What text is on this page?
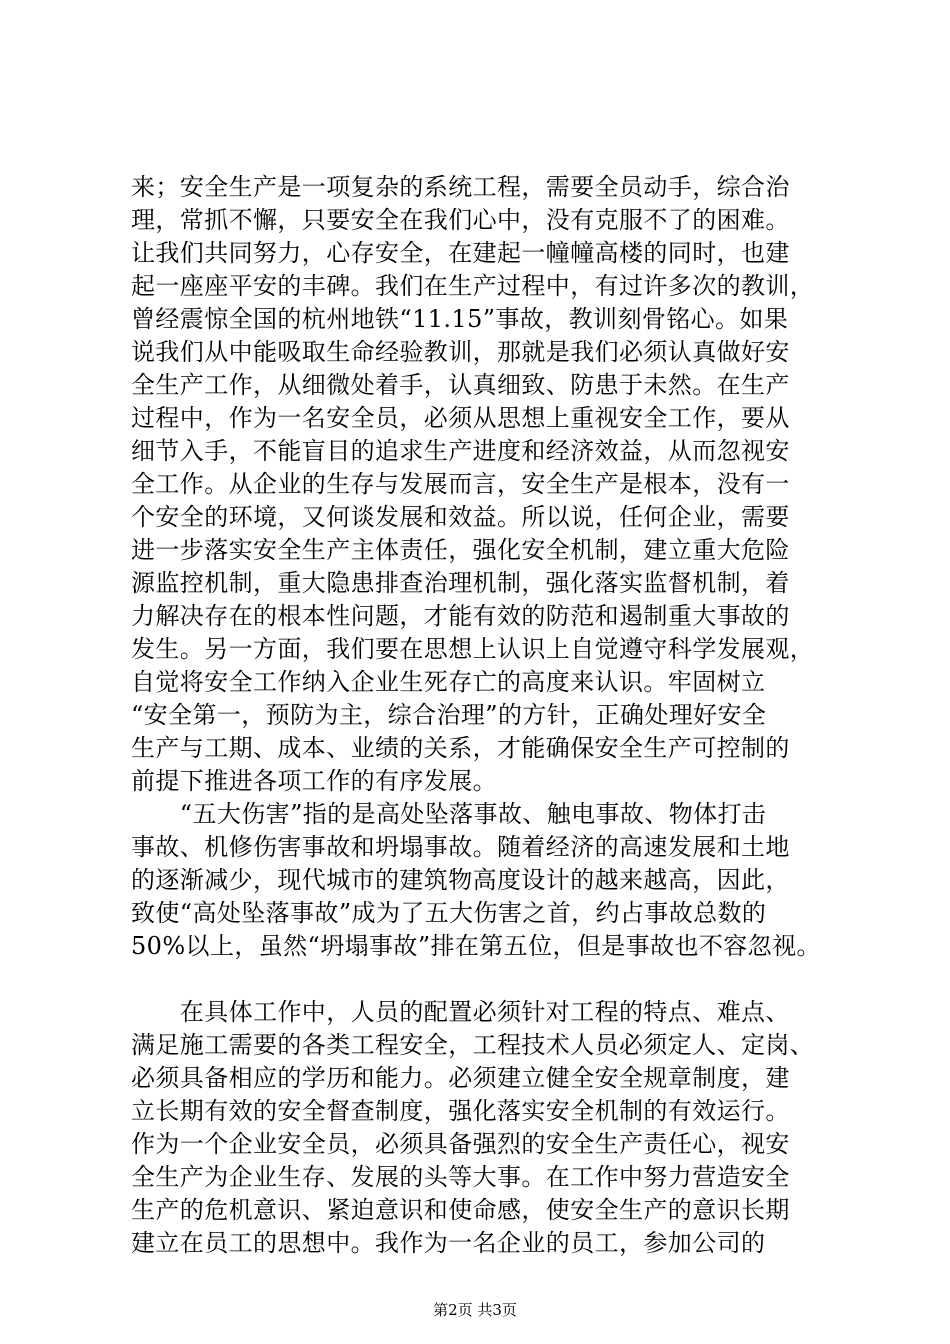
来；安全生产是一项复杂的系统工程，需要全员动手，综合治
理，常抓不懈，只要安全在我们心中，没有克服不了的困难。
让我们共同努力，心存安全，在建起一幢幢高楼的同时，也建
起一座座平安的丰碑。我们在生产过程中，有过许多次的教训，
曾经震惊全国的杭州地铁“11.15”事故，教训刻骨铭心。如果
说我们从中能吸取生命经验教训，那就是我们必须认真做好安
全生产工作，从细微处着手，认真细致、防患于未然。在生产
过程中，作为一名安全员，必须从思想上重视安全工作，要从
细节入手，不能盲目的追求生产进度和经济效益，从而忽视安
全工作。从企业的生存与发展而言，安全生产是根本，没有一
个安全的环境，又何谈发展和效益。所以说，任何企业，需要
进一步落实安全生产主体责任，强化安全机制，建立重大危险
源监控机制，重大隐患排查治理机制，强化落实监督机制，着
力解决存在的根本性问题，才能有效的防范和遏制重大事故的
发生。另一方面，我们要在思想上认识上自觉遵守科学发展观，
自觉将安全工作纳入企业生死存亡的高度来认识。牢固树立
“安全第一，预防为主，综合治理”的方针，正确处理好安全
生产与工期、成本、业绩的关系，才能确保安全生产可控制的
前提下推进各项工作的有序发展。
　　“五大伤害”指的是高处坠落事故、触电事故、物体打击
事故、机修伤害事故和坍塌事故。随着经济的高速发展和土地
的逐渐减少，现代城市的建筑物高度设计的越来越高，因此，
致使“高处坠落事故”成为了五大伤害之首，约占事故总数的
50%以上，虽然“坍塌事故”排在第五位，但是事故也不容忽视。
　　在具体工作中，人员的配置必须针对工程的特点、难点、
满足施工需要的各类工程安全，工程技术人员必须定人、定岗、
必须具备相应的学历和能力。必须建立健全安全规章制度，建
立长期有效的安全督查制度，强化落实安全机制的有效运行。
作为一个企业安全员，必须具备强烈的安全生产责任心，视安
全生产为企业生存、发展的头等大事。在工作中努力营造安全
生产的危机意识、紧迫意识和使命感，使安全生产的意识长期
建立在员工的思想中。我作为一名企业的员工，参加公司的
第2页 共3页
